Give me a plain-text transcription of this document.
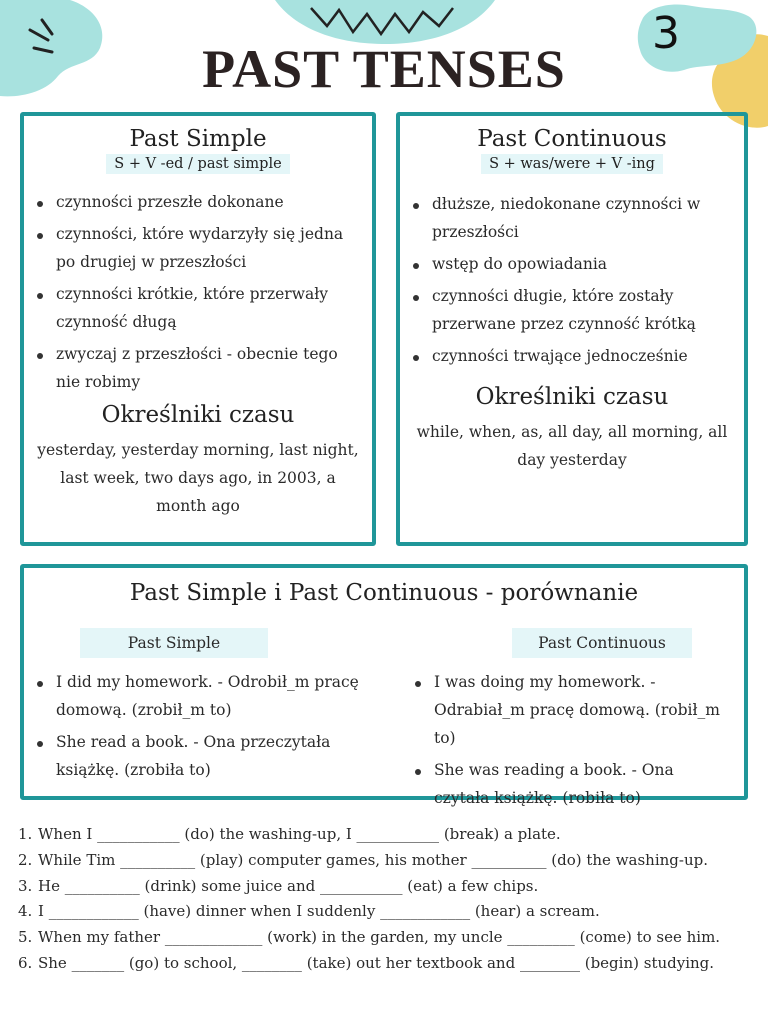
3
PAST TENSES
Past Simple
S + V -ed / past simple
czynności przeszłe dokonane
czynności, które wydarzyły się jedna po drugiej w przeszłości
czynności krótkie, które przerwały czynność długą
zwyczaj z przeszłości - obecnie tego nie robimy
Określniki czasu
yesterday, yesterday morning, last night, last week, two days ago, in 2003, a month ago
Past Continuous
S + was/were + V -ing
dłuższe, niedokonane czynności w przeszłości
wstęp do opowiadania
czynności długie, które zostały przerwane przez czynność krótką
czynności trwające jednocześnie
Określniki czasu
while, when, as, all day, all morning, all day yesterday
Past Simple i Past Continuous - porównanie
Past Simple	Past Continuous
I did my homework. - Odrobił_m pracę domową. (zrobił_m to)
She read a book. - Ona przeczytała książkę. (zrobiła to)
I was doing my homework. - Odrabiał_m pracę domową. (robił_m to)
She was reading a book. - Ona czytała książkę. (robiła to)
1. When I ___________ (do) the washing-up, I ___________ (break) a plate.
2. While Tim __________ (play) computer games, his mother __________ (do) the washing-up.
3. He __________ (drink) some juice and ___________ (eat) a few chips.
4. I ____________ (have) dinner when I suddenly ____________ (hear) a scream.
5. When my father _____________ (work) in the garden, my uncle _________ (come) to see him.
6. She _______ (go) to school, ________ (take) out her textbook and ________ (begin) studying.
